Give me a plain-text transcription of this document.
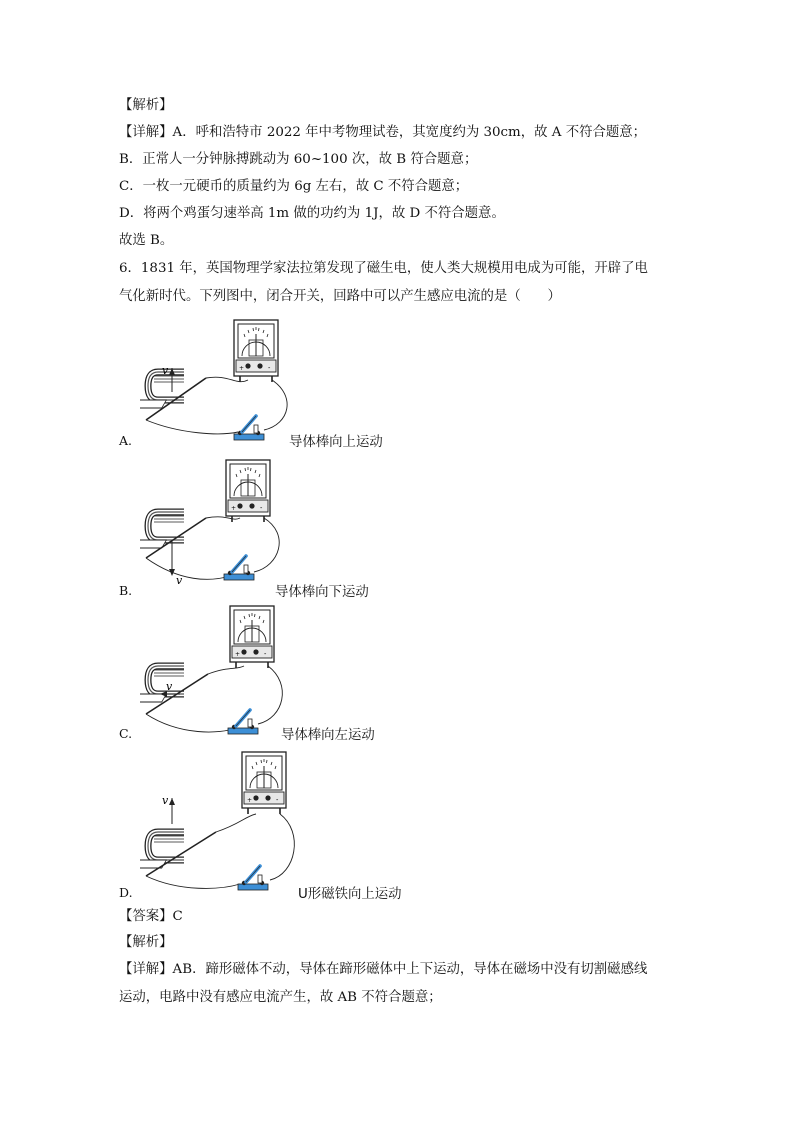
【解析】
【详解】A．呼和浩特市 2022 年中考物理试卷，其宽度约为 30cm，故 A 不符合题意；
B．正常人一分钟脉搏跳动为 60~100 次，故 B 符合题意；
C．一枚一元硬币的质量约为 6g 左右，故 C 不符合题意；
D．将两个鸡蛋匀速举高 1m 做的功约为 1J，故 D 不符合题意。
故选 B。
6．1831 年，英国物理学家法拉第发现了磁生电，使人类大规模用电成为可能，开辟了电
气化新时代。下列图中，闭合开关，回路中可以产生感应电流的是（　　）
v
A.	导体棒向上运动
v
B.	导体棒向下运动
v
C.	导体棒向左运动
v
D.	U形磁铁向上运动
【答案】C
【解析】
【详解】AB．蹄形磁体不动，导体在蹄形磁体中上下运动，导体在磁场中没有切割磁感线
运动，电路中没有感应电流产生，故 AB 不符合题意；
